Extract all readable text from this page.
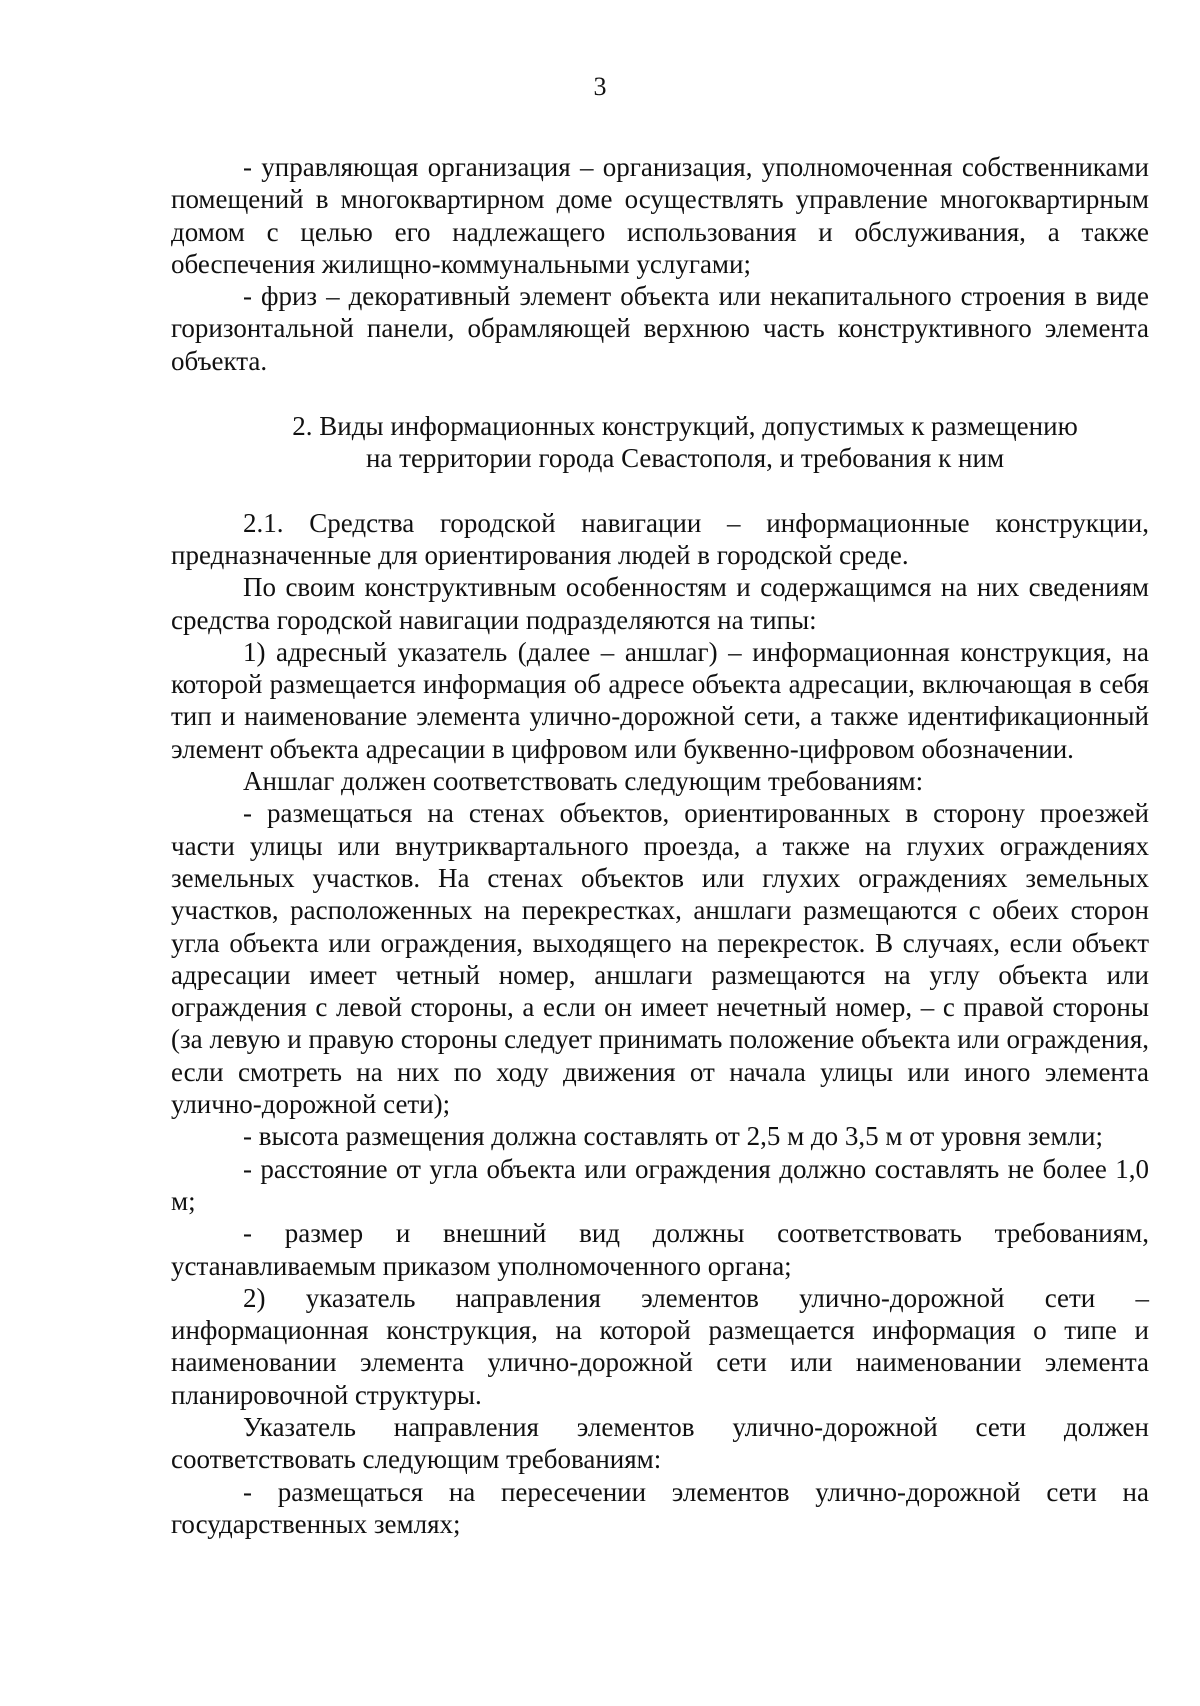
3

- управляющая организация – организация, уполномоченная собственниками помещений в многоквартирном доме осуществлять управление многоквартирным домом с целью его надлежащего использования и обслуживания, а также обеспечения жилищно-коммунальными услугами;

- фриз – декоративный элемент объекта или некапитального строения в виде горизонтальной панели, обрамляющей верхнюю часть конструктивного элемента объекта.

2. Виды информационных конструкций, допустимых к размещению
на территории города Севастополя, и требования к ним

2.1. Средства городской навигации – информационные конструкции, предназначенные для ориентирования людей в городской среде.

По своим конструктивным особенностям и содержащимся на них сведениям средства городской навигации подразделяются на типы:

1) адресный указатель (далее – аншлаг) – информационная конструкция, на которой размещается информация об адресе объекта адресации, включающая в себя тип и наименование элемента улично-дорожной сети, а также идентификационный элемент объекта адресации в цифровом или буквенно-цифровом обозначении.

Аншлаг должен соответствовать следующим требованиям:

- размещаться на стенах объектов, ориентированных в сторону проезжей части улицы или внутриквартального проезда, а также на глухих ограждениях земельных участков. На стенах объектов или глухих ограждениях земельных участков, расположенных на перекрестках, аншлаги размещаются с обеих сторон угла объекта или ограждения, выходящего на перекресток. В случаях, если объект адресации имеет четный номер, аншлаги размещаются на углу объекта или ограждения с левой стороны, а если он имеет нечетный номер, – с правой стороны (за левую и правую стороны следует принимать положение объекта или ограждения, если смотреть на них по ходу движения от начала улицы или иного элемента улично-дорожной сети);

- высота размещения должна составлять от 2,5 м до 3,5 м от уровня земли;

- расстояние от угла объекта или ограждения должно составлять не более 1,0 м;

- размер и внешний вид должны соответствовать требованиям, устанавливаемым приказом уполномоченного органа;

2) указатель направления элементов улично-дорожной сети – информационная конструкция, на которой размещается информация о типе и наименовании элемента улично-дорожной сети или наименовании элемента планировочной структуры.

Указатель направления элементов улично-дорожной сети должен соответствовать следующим требованиям:

- размещаться на пересечении элементов улично-дорожной сети на государственных землях;
